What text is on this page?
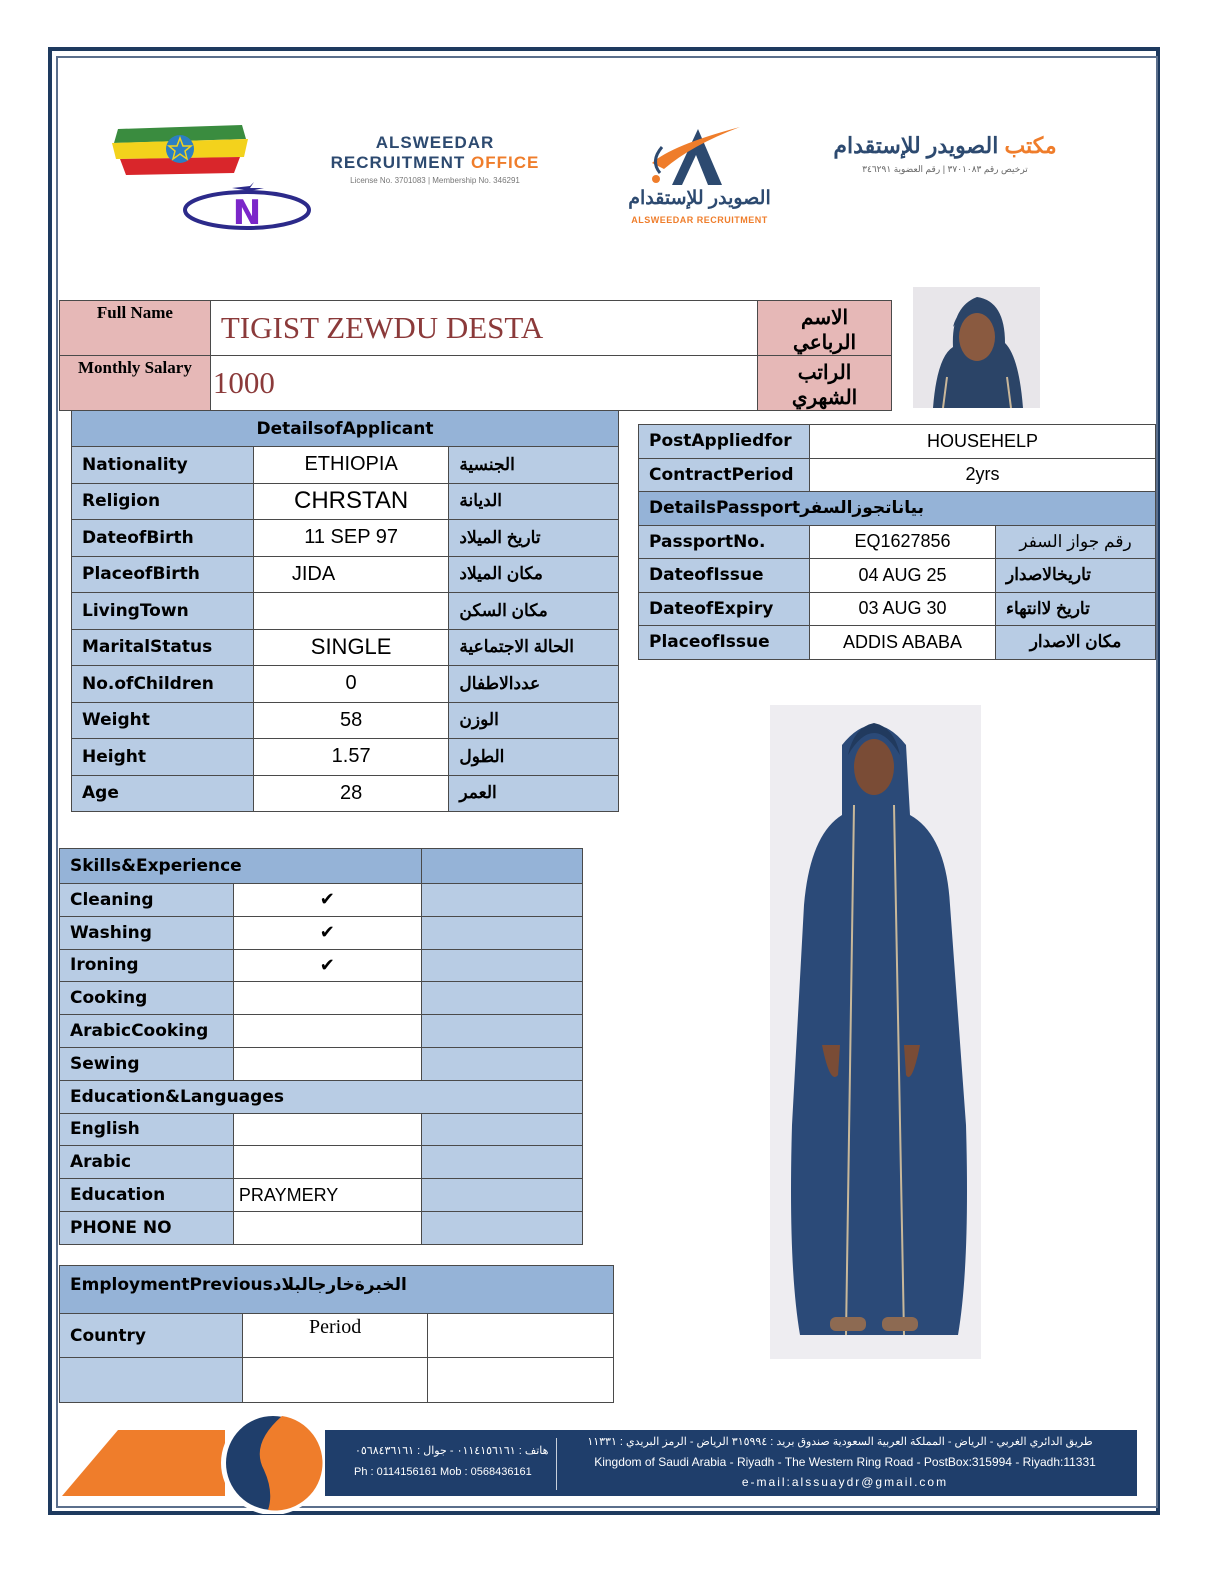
N
ALSWEEDAR
RECRUITMENT OFFICE
License No. 3701083 | Membership No. 346291
الصويدر للإستقدام
ALSWEEDAR RECRUITMENT
مكتب الصويدر للإستقدام
ترخيص رقم ٣٧٠١٠٨٣ | رقم العضوية ٣٤٦٢٩١
Full Name	TIGIST ZEWDU DESTA	الاسم الرباعي
Monthly Salary	1000	الراتب الشهري
DetailsofApplicant		
Nationality	ETHIOPIA	الجنسية
Religion	CHRSTAN	الديانة
DateofBirth	11 SEP 97	تاريخ الميلاد
PlaceofBirth	JIDA	مكان الميلاد
LivingTown		مكان السكن
MaritalStatus	SINGLE	الحالة الاجتماعية
No.ofChildren	0	عددالاطفال
Weight	58	الوزن
Height	1.57	الطول
Age	28	العمر
PostAppliedfor	HOUSEHELP	
ContractPeriod	2yrs	
DetailsPassportبياناتجوزالسفر		
PassportNo.	EQ1627856	رقم جواز السفر
DateofIssue	04 AUG 25	تاريخالاصدار
DateofExpiry	03 AUG 30	تاريخ لاانتهاء
PlaceofIssue	ADDIS ABABA	مكان الاصدار
Skills&Experience		
Cleaning	✔	
Washing	✔	
Ironing	✔	
Cooking		
ArabicCooking		
Sewing		
Education&Languages		
English		
Arabic		
Education	PRAYMERY	
PHONE NO		
EmploymentPreviousالخبرةخارجالبلاد		
Country	Period	

هاتف : ٠١١٤١٥٦١٦١ - جوال : ٠٥٦٨٤٣٦١٦١
Ph : 0114156161 Mob : 0568436161
طريق الدائري الغربي - الرياض - المملكة العربية السعودية صندوق بريد : ٣١٥٩٩٤ الرياض - الرمز البريدي : ١١٣٣١
Kingdom of Saudi Arabia - Riyadh - The Western Ring Road - PostBox:315994 - Riyadh:11331
e-mail:alssuaydr@gmail.com
